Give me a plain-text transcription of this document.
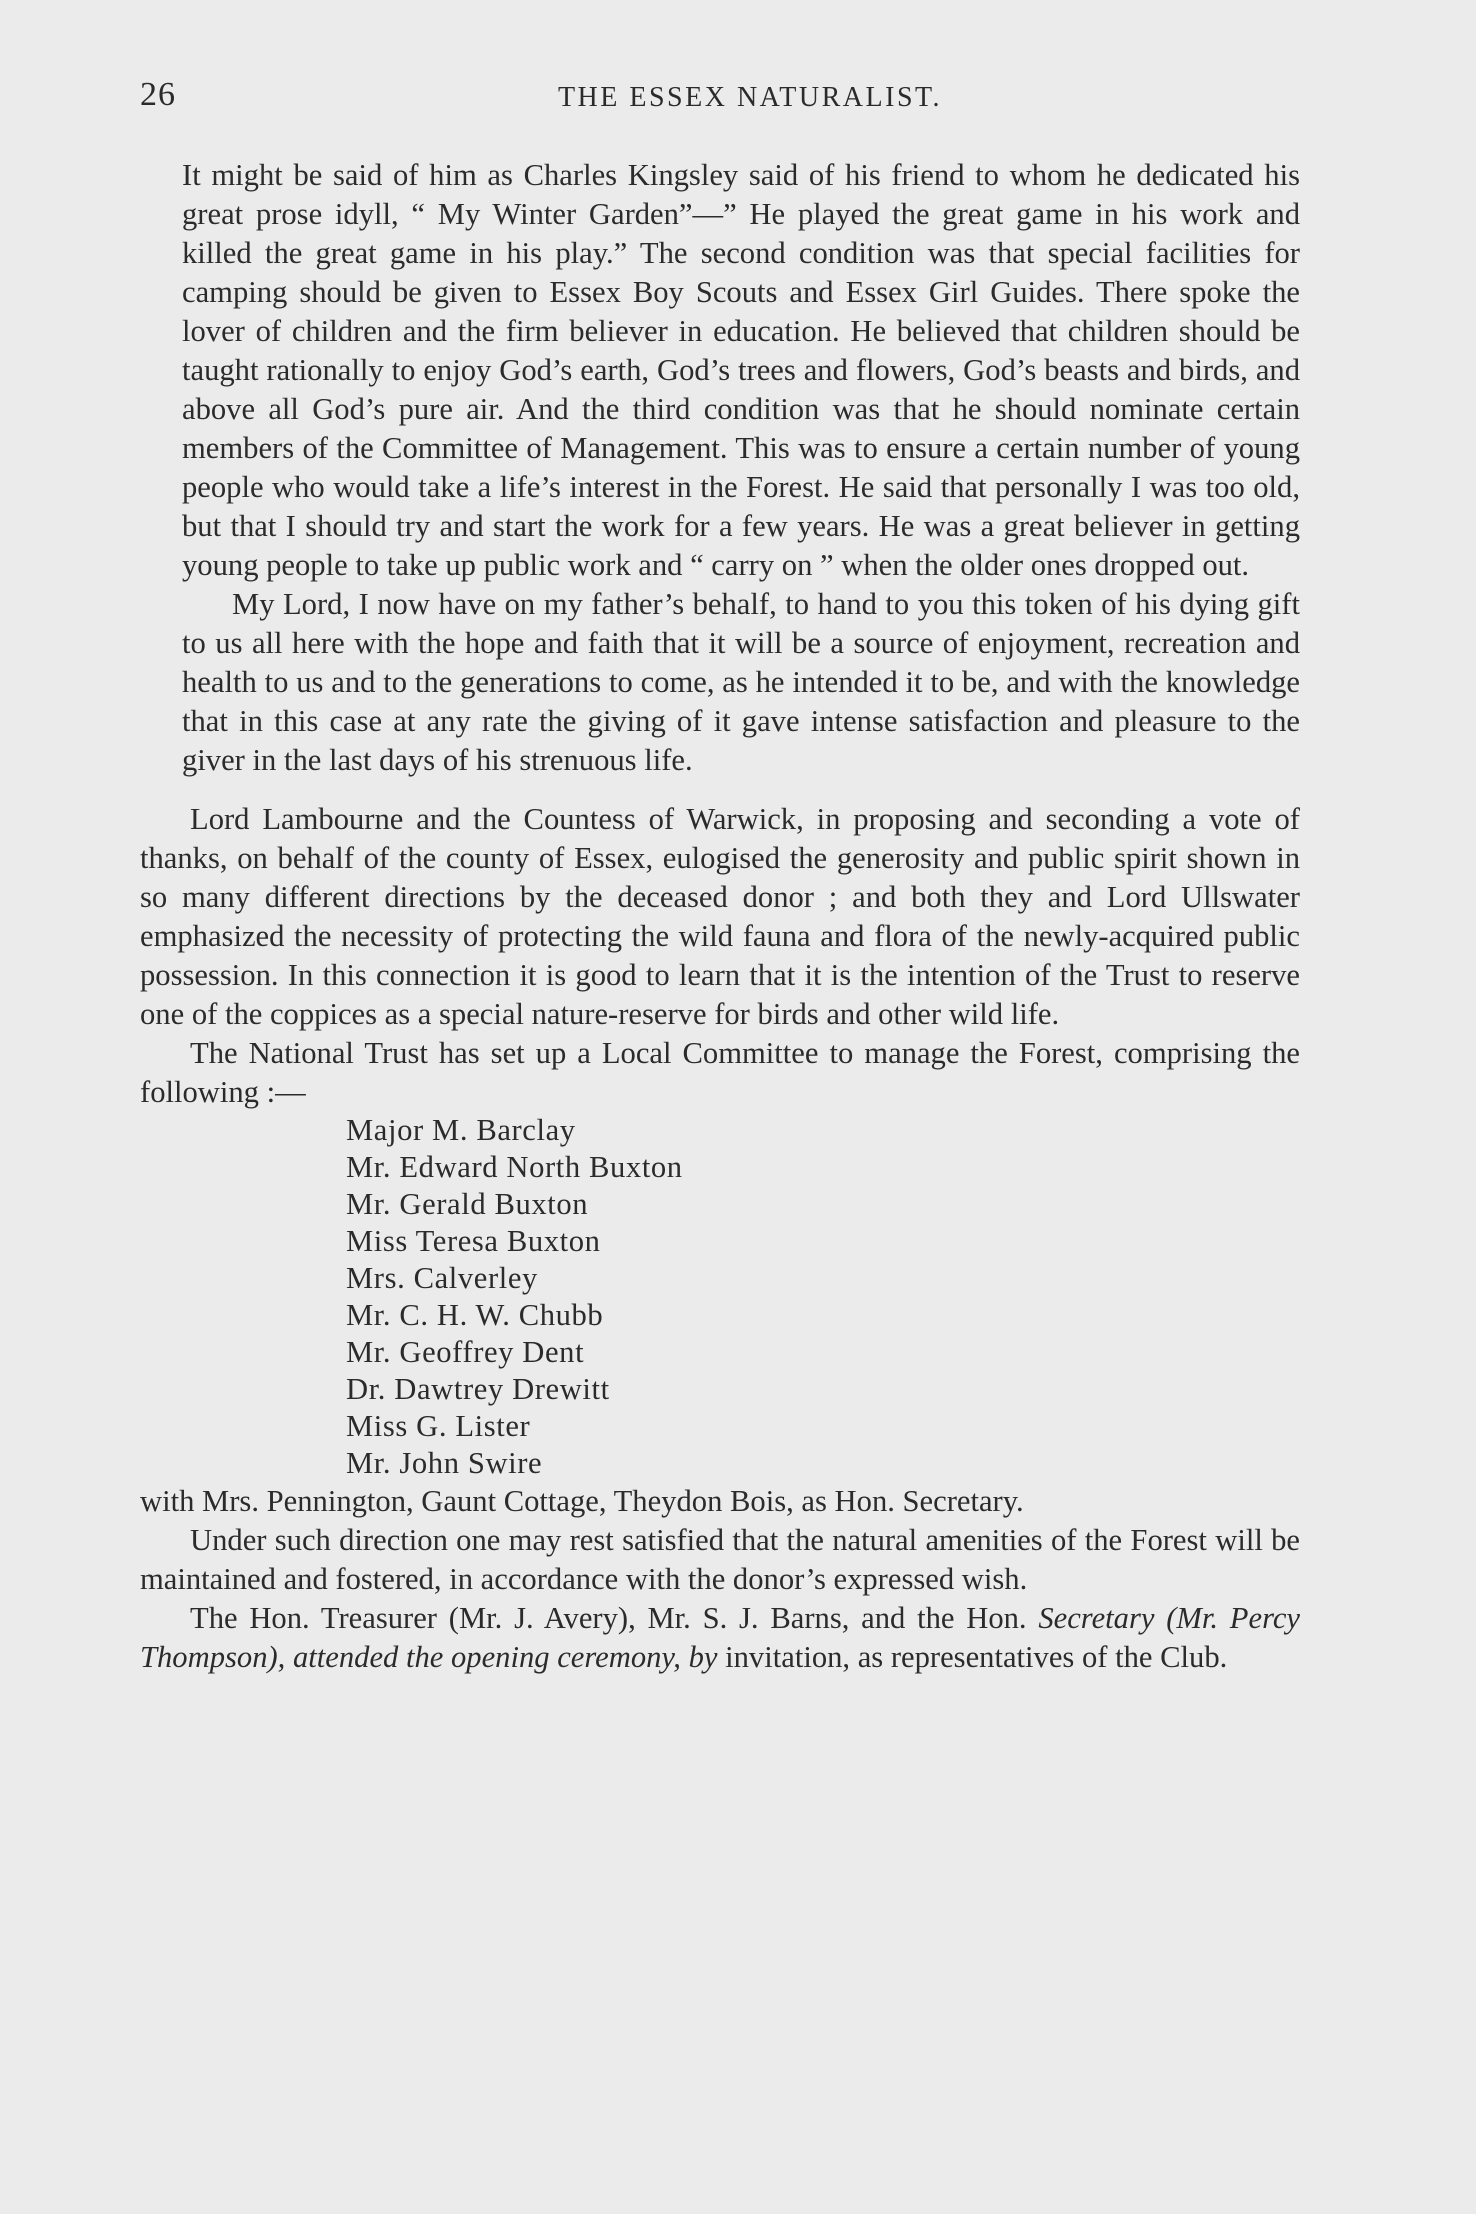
26	THE ESSEX NATURALIST.

It might be said of him as Charles Kingsley said of his friend to whom he dedicated his great prose idyll, “ My Winter Garden”—” He played the great game in his work and killed the great game in his play.” The second condition was that special facilities for camping should be given to Essex Boy Scouts and Essex Girl Guides. There spoke the lover of children and the firm believer in education. He believed that children should be taught rationally to enjoy God’s earth, God’s trees and flowers, God’s beasts and birds, and above all God’s pure air. And the third condition was that he should nominate certain members of the Committee of Management. This was to ensure a certain number of young people who would take a life’s interest in the Forest. He said that personally I was too old, but that I should try and start the work for a few years. He was a great believer in getting young people to take up public work and “ carry on ” when the older ones dropped out.

My Lord, I now have on my father’s behalf, to hand to you this token of his dying gift to us all here with the hope and faith that it will be a source of enjoyment, recreation and health to us and to the generations to come, as he intended it to be, and with the knowledge that in this case at any rate the giving of it gave intense satisfaction and pleasure to the giver in the last days of his strenuous life.

Lord Lambourne and the Countess of Warwick, in proposing and seconding a vote of thanks, on behalf of the county of Essex, eulogised the generosity and public spirit shown in so many different directions by the deceased donor ; and both they and Lord Ullswater emphasized the necessity of protecting the wild fauna and flora of the newly-acquired public possession. In this connection it is good to learn that it is the intention of the Trust to reserve one of the coppices as a special nature-reserve for birds and other wild life.

The National Trust has set up a Local Committee to manage the Forest, comprising the following :—

Major M. Barclay
Mr. Edward North Buxton
Mr. Gerald Buxton
Miss Teresa Buxton
Mrs. Calverley
Mr. C. H. W. Chubb
Mr. Geoffrey Dent
Dr. Dawtrey Drewitt
Miss G. Lister
Mr. John Swire

with Mrs. Pennington, Gaunt Cottage, Theydon Bois, as Hon. Secretary.

Under such direction one may rest satisfied that the natural amenities of the Forest will be maintained and fostered, in accordance with the donor’s expressed wish.

The Hon. Treasurer (Mr. J. Avery), Mr. S. J. Barns, and the Hon. Secretary (Mr. Percy Thompson), attended the opening ceremony, by invitation, as representatives of the Club.
